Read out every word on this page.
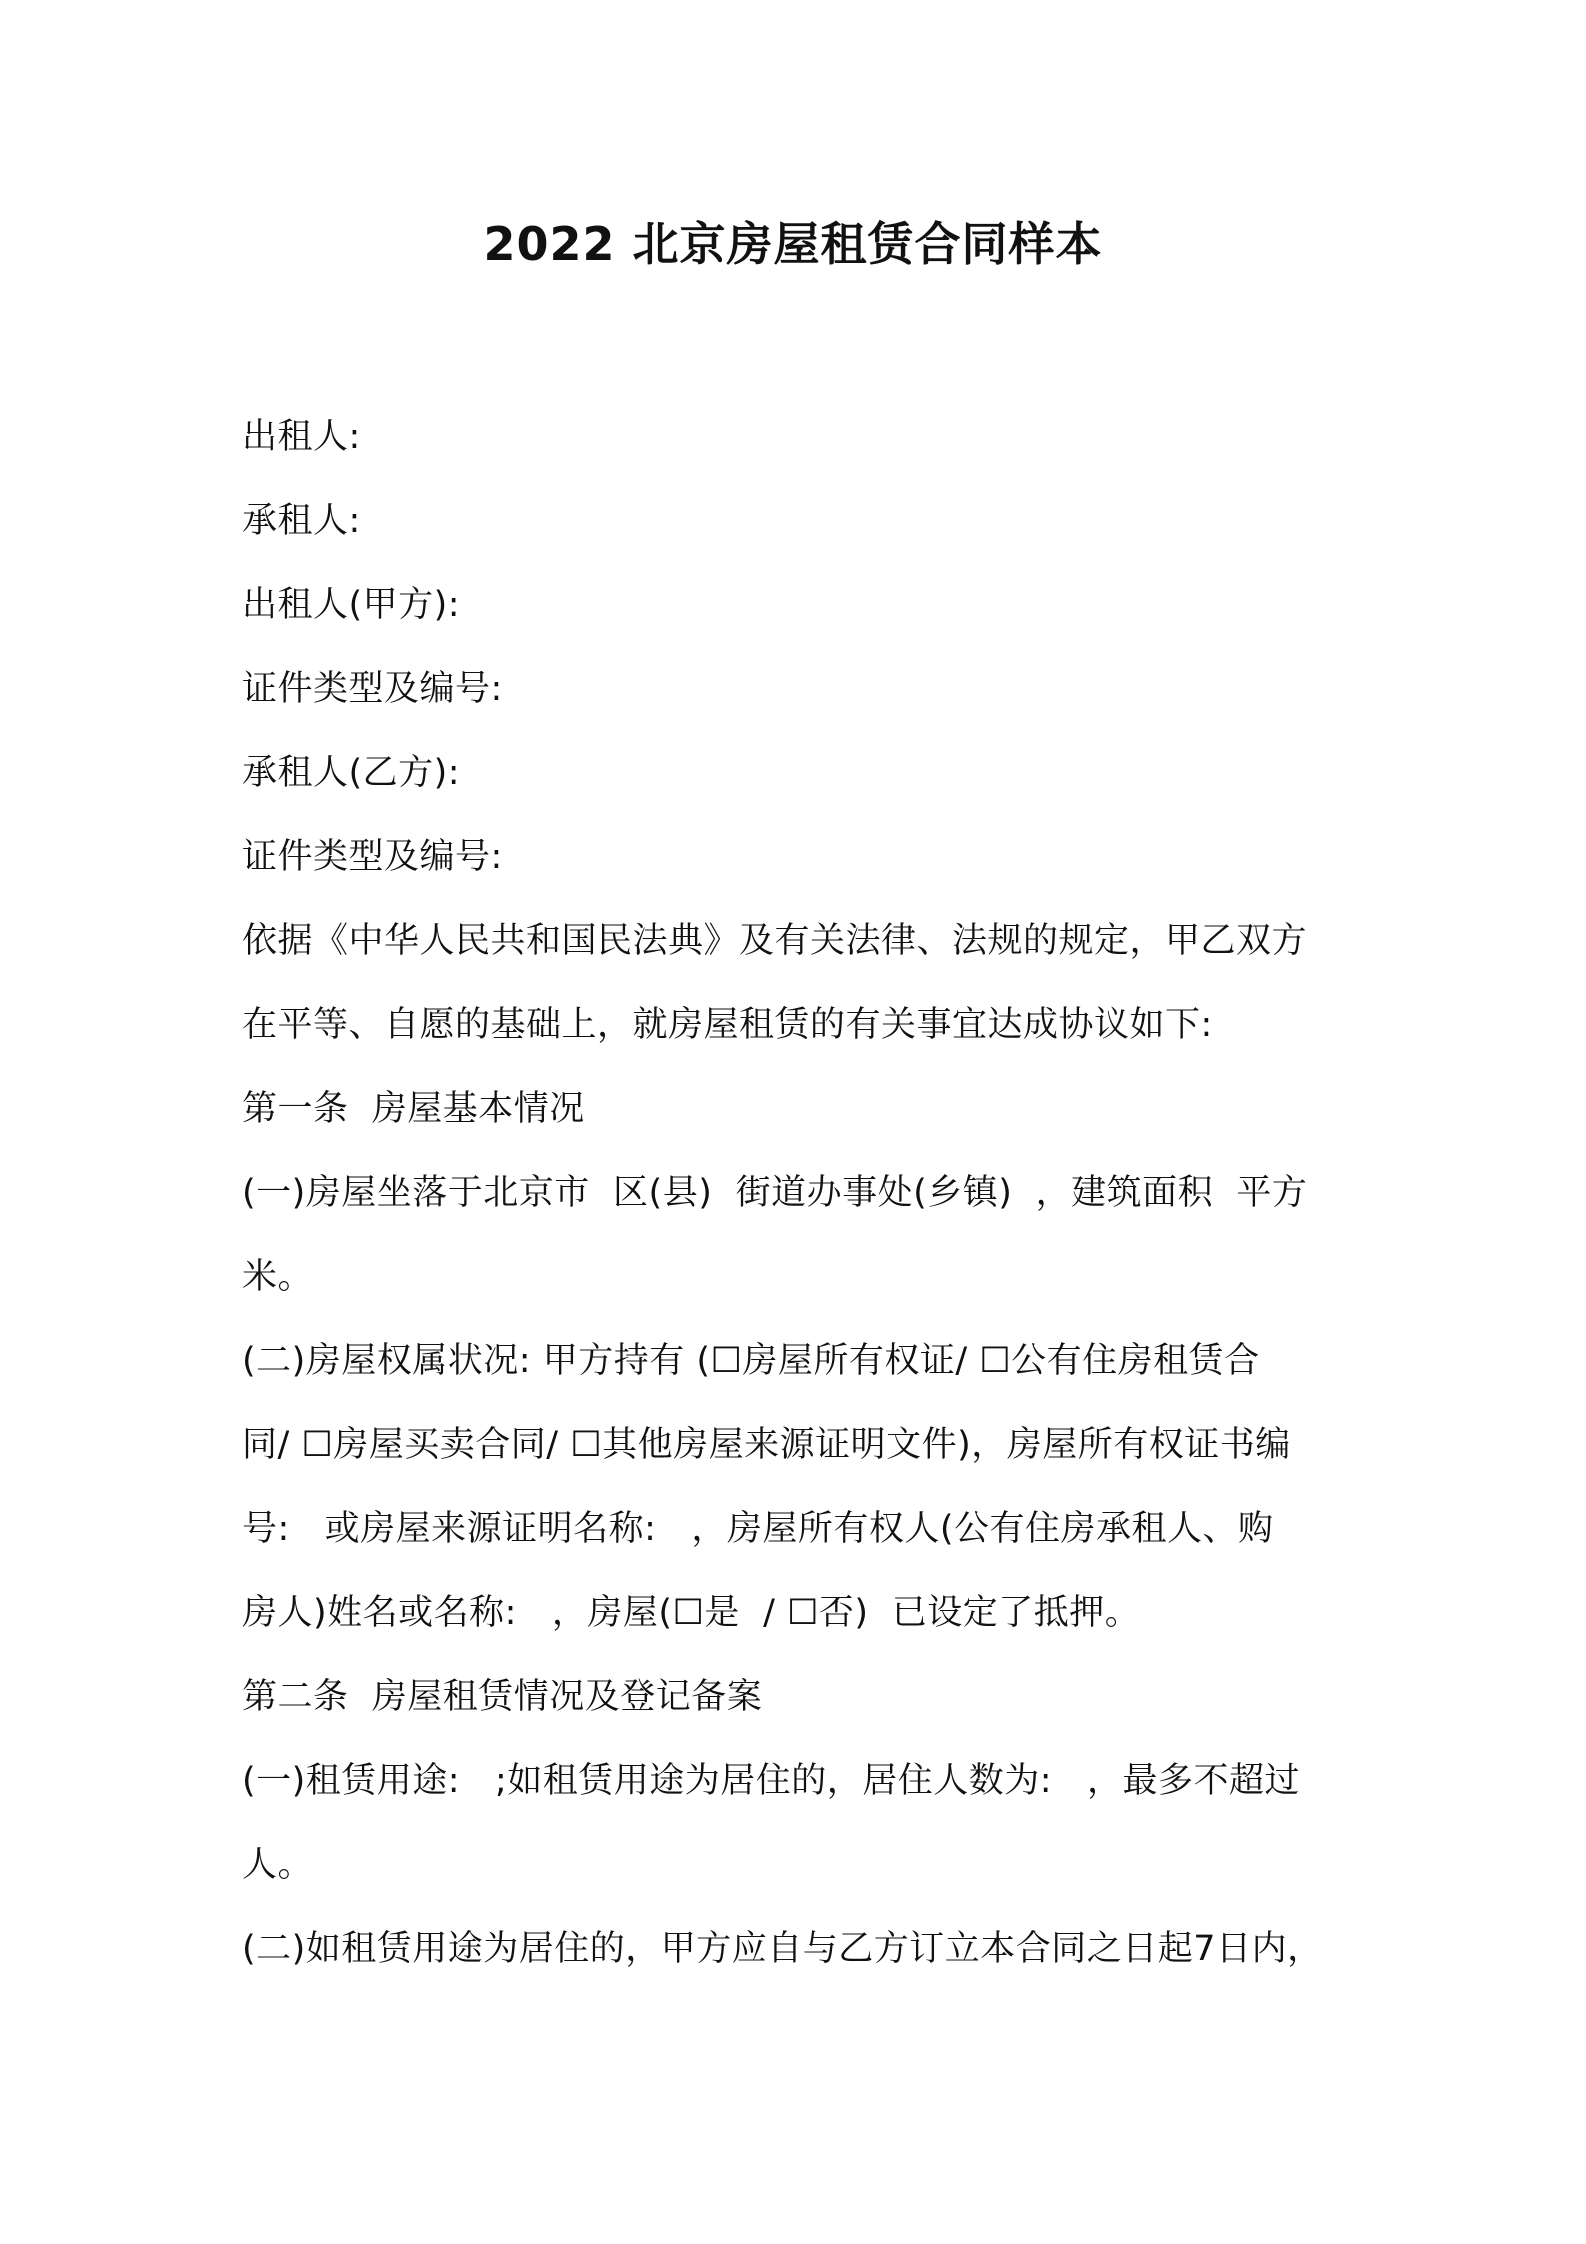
2022 北京房屋租赁合同样本
出租人:
承租人:
出租人(甲方):
证件类型及编号:
承租人(乙方):
证件类型及编号:
依据《中华人民共和国民法典》及有关法律、法规的规定，甲乙双方
在平等、自愿的基础上，就房屋租赁的有关事宜达成协议如下:
第一条  房屋基本情况
(一)房屋坐落于北京市  区(县)  街道办事处(乡镇)  ，建筑面积  平方
米。
(二)房屋权属状况: 甲方持有 (☐房屋所有权证/ ☐公有住房租赁合
同/ ☐房屋买卖合同/ ☐其他房屋来源证明文件)，房屋所有权证书编
号:   或房屋来源证明名称:   ，房屋所有权人(公有住房承租人、购
房人)姓名或名称:   ，房屋(☐是  / ☐否)  已设定了抵押。
第二条  房屋租赁情况及登记备案
(一)租赁用途:   ;如租赁用途为居住的，居住人数为:   ，最多不超过
人。
(二)如租赁用途为居住的，甲方应自与乙方订立本合同之日起7日内，
